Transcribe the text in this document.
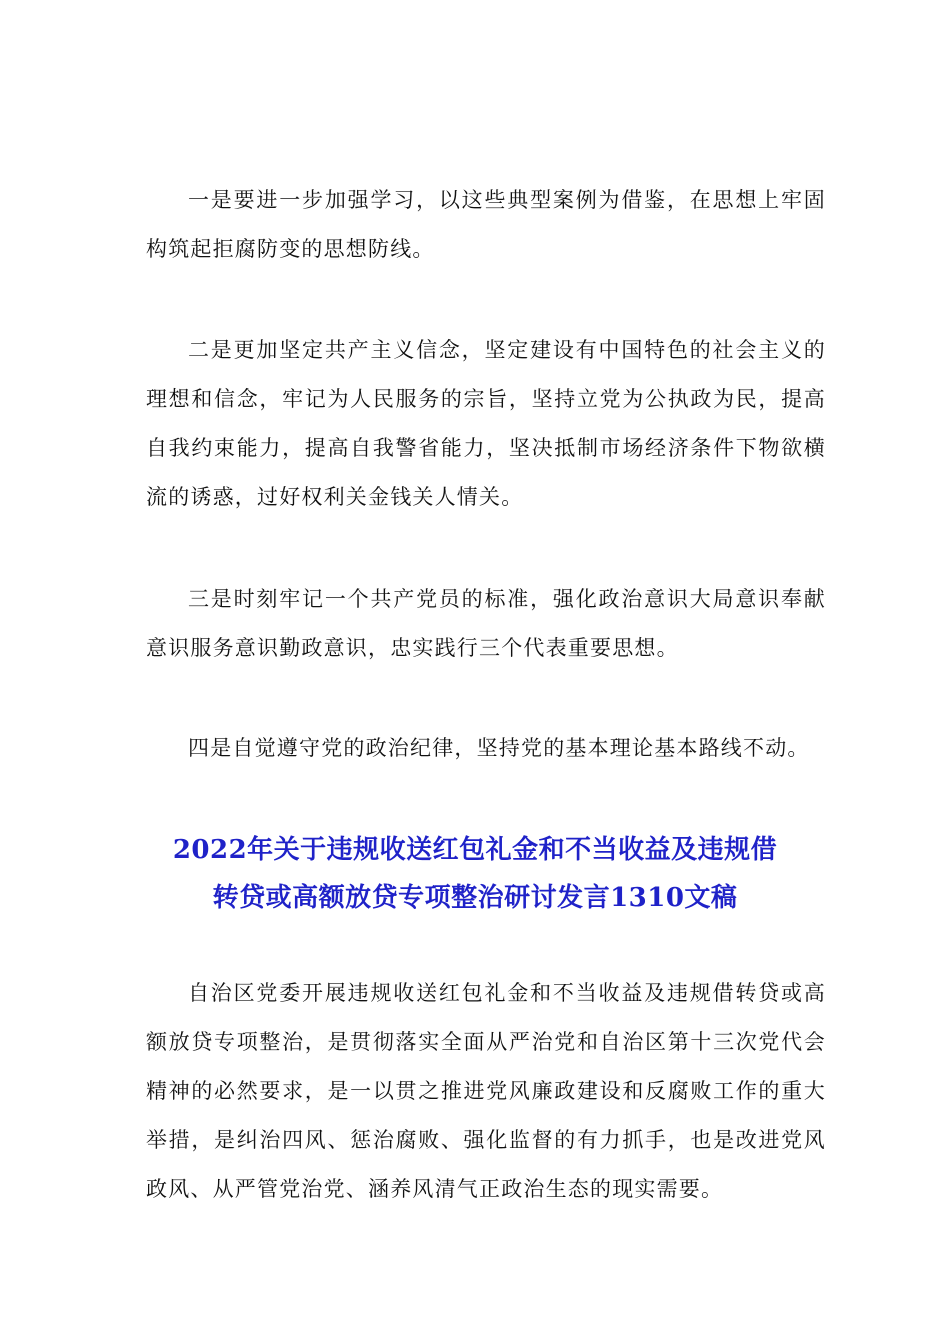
一是要进一步加强学习，以这些典型案例为借鉴，在思想上牢固构筑起拒腐防变的思想防线。

二是更加坚定共产主义信念，坚定建设有中国特色的社会主义的理想和信念，牢记为人民服务的宗旨，坚持立党为公执政为民，提高自我约束能力，提高自我警省能力，坚决抵制市场经济条件下物欲横流的诱惑，过好权利关金钱关人情关。

三是时刻牢记一个共产党员的标准，强化政治意识大局意识奉献意识服务意识勤政意识，忠实践行三个代表重要思想。

四是自觉遵守党的政治纪律，坚持党的基本理论基本路线不动。

2022年关于违规收送红包礼金和不当收益及违规借
转贷或高额放贷专项整治研讨发言1310文稿

自治区党委开展违规收送红包礼金和不当收益及违规借转贷或高额放贷专项整治，是贯彻落实全面从严治党和自治区第十三次党代会精神的必然要求，是一以贯之推进党风廉政建设和反腐败工作的重大举措，是纠治四风、惩治腐败、强化监督的有力抓手，也是改进党风政风、从严管党治党、涵养风清气正政治生态的现实需要。
